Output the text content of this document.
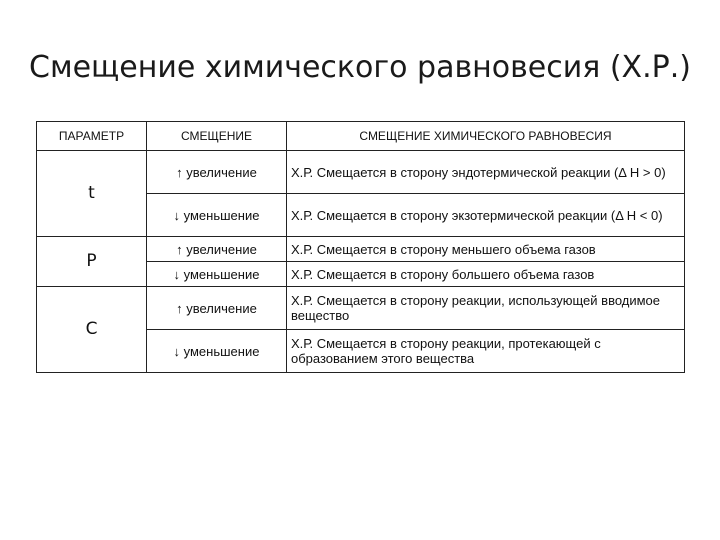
Смещение химического равновесия (Х.Р.)
ПАРАМЕТР	СМЕЩЕНИЕ	СМЕЩЕНИЕ ХИМИЧЕСКОГО РАВНОВЕСИЯ
t	↑ увеличение	Х.Р. Смещается в сторону эндотермической реакции (Δ Н > 0)
	↓ уменьшение	Х.Р. Смещается в сторону экзотермической реакции (Δ Н < 0)
P	↑ увеличение	Х.Р. Смещается в сторону меньшего объема газов
	↓ уменьшение	Х.Р. Смещается в сторону большего объема газов
C	↑ увеличение	Х.Р. Смещается в сторону реакции, использующей вводимое вещество
	↓ уменьшение	Х.Р. Смещается в сторону реакции, протекающей с образованием этого вещества
